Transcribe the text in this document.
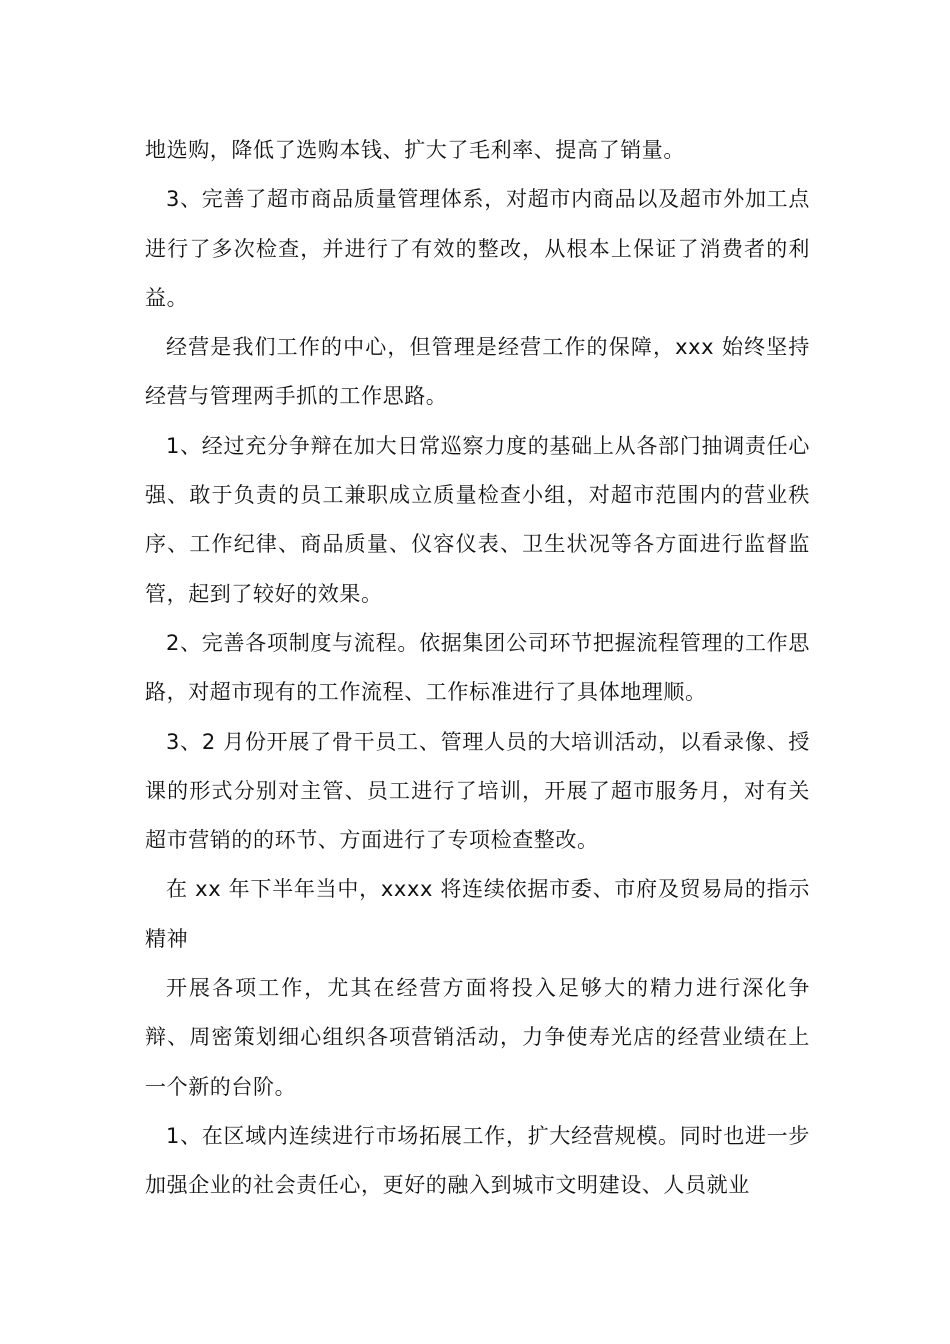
地选购，降低了选购本钱、扩大了毛利率、提高了销量。

3、完善了超市商品质量管理体系，对超市内商品以及超市外加工点进行了多次检查，并进行了有效的整改，从根本上保证了消费者的利益。

经营是我们工作的中心，但管理是经营工作的保障，xxx 始终坚持经营与管理两手抓的工作思路。

1、经过充分争辩在加大日常巡察力度的基础上从各部门抽调责任心强、敢于负责的员工兼职成立质量检查小组，对超市范围内的营业秩序、工作纪律、商品质量、仪容仪表、卫生状况等各方面进行监督监管，起到了较好的效果。

2、完善各项制度与流程。依据集团公司环节把握流程管理的工作思路，对超市现有的工作流程、工作标准进行了具体地理顺。

3、2 月份开展了骨干员工、管理人员的大培训活动，以看录像、授课的形式分别对主管、员工进行了培训，开展了超市服务月，对有关超市营销的的环节、方面进行了专项检查整改。

在 xx 年下半年当中，xxxx 将连续依据市委、市府及贸易局的指示精神

开展各项工作，尤其在经营方面将投入足够大的精力进行深化争辩、周密策划细心组织各项营销活动，力争使寿光店的经营业绩在上一个新的台阶。

1、在区域内连续进行市场拓展工作，扩大经营规模。同时也进一步加强企业的社会责任心，更好的融入到城市文明建设、人员就业
